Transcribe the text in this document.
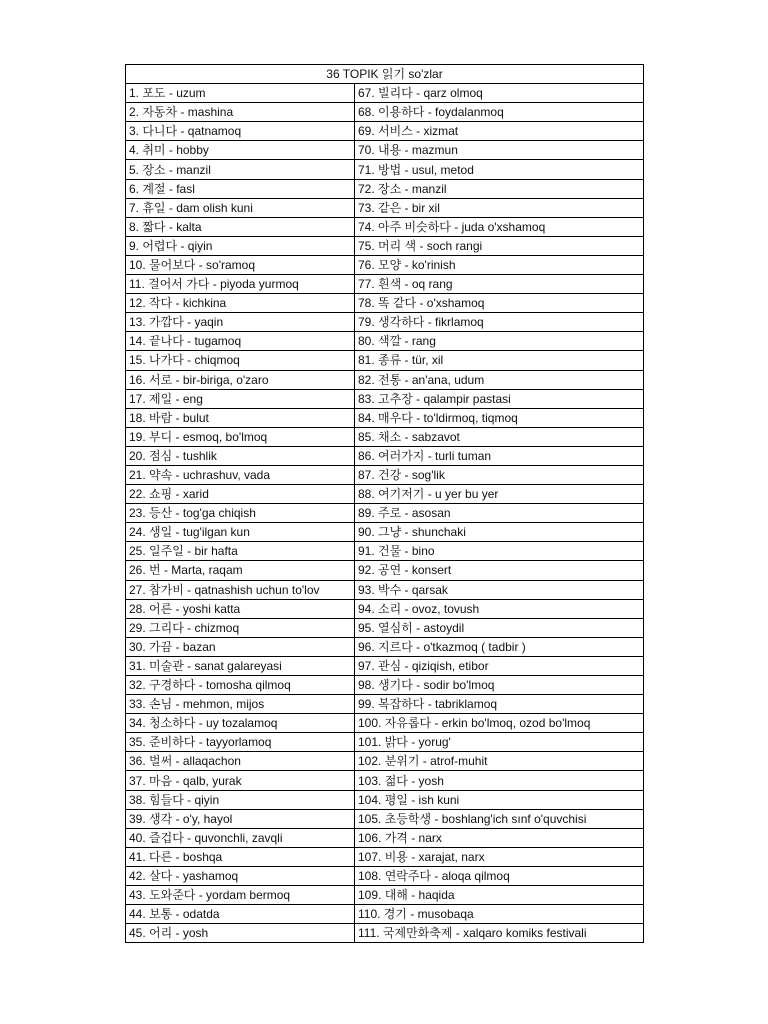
36 TOPIK 읽기 so'zlar	
1. 포도 - uzum	67. 빌리다 - qarz olmoq
2. 자동차 - mashina	68. 이용하다 - foydalanmoq
3. 다니다 - qatnamoq	69. 서비스 - xizmat
4. 취미 - hobby	70. 내용 - mazmun
5. 장소 - manzil	71. 방법 - usul, metod
6. 계절 - fasl	72. 장소 - manzil
7. 휴일 - dam olish kuni	73. 같은 - bir xil
8. 짧다 - kalta	74. 아주 비슷하다 - juda o'xshamoq
9. 어렵다 - qiyin	75. 머리 색 - soch rangi
10. 물어보다 - so'ramoq	76. 모양 - ko'rinish
11. 걸어서 가다 - piyoda yurmoq	77. 흰색 - oq rang
12. 작다 - kichkina	78. 똑 같다 - o'xshamoq
13. 가깝다 - yaqin	79. 생각하다 - fikrlamoq
14. 끝나다 - tugamoq	80. 색깔 - rang
15. 나가다 - chiqmoq	81. 종류 - tür, xil
16. 서로 - bir-biriga, o'zaro	82. 전통 - an'ana, udum
17. 제일 - eng	83. 고추장 - qalampir pastasi
18. 바람 - bulut	84. 매우다 - to'ldirmoq, tiqmoq
19. 부디 - esmoq, bo'lmoq	85. 채소 - sabzavot
20. 점심 - tushlik	86. 여러가지 - turli tuman
21. 약속 - uchrashuv, vada	87. 건강 - sog'lik
22. 쇼핑 - xarid	88. 여기저기 - u yer bu yer
23. 등산 - tog'ga chiqish	89. 주로 - asosan
24. 생일 - tug'ilgan kun	90. 그냥 - shunchaki
25. 일주일 - bir hafta	91. 건물 - bino
26. 번 - Marta, raqam	92. 공연 - konsert
27. 참가비 - qatnashish uchun to'lov	93. 박수 - qarsak
28. 어른 - yoshi katta	94. 소리 - ovoz, tovush
29. 그리다 - chizmoq	95. 열심히 - astoydil
30. 가끔 - bazan	96. 지르다 - o'tkazmoq ( tadbir )
31. 미술관 - sanat galareyasi	97. 관심 - qiziqish, etibor
32. 구경하다 - tomosha qilmoq	98. 생기다 - sodir bo'lmoq
33. 손님 - mehmon, mijos	99. 복잡하다 - tabriklamoq
34. 청소하다 - uy tozalamoq	100. 자유롭다 - erkin bo'lmoq, ozod bo'lmoq
35. 준비하다 - tayyorlamoq	101. 밝다 - yorug'
36. 벌써 - allaqachon	102. 분위기 - atrof-muhit
37. 마음 - qalb, yurak	103. 젊다 - yosh
38. 힘들다 - qiyin	104. 평일 - ish kuni
39. 생각 - o'y, hayol	105. 초등학생 - boshlang'ich sınf o'quvchisi
40. 즐겁다 - quvonchli, zavqli	106. 가격 - narx
41. 다른 - boshqa	107. 비용 - xarajat, narx
42. 살다 - yashamoq	108. 연락주다 - aloqa qilmoq
43. 도와준다 - yordam bermoq	109. 대해 - haqida
44. 보통 - odatda	110. 경기 - musobaqa
45. 어리 - yosh	111. 국제만화축제 - xalqaro komiks festivali
